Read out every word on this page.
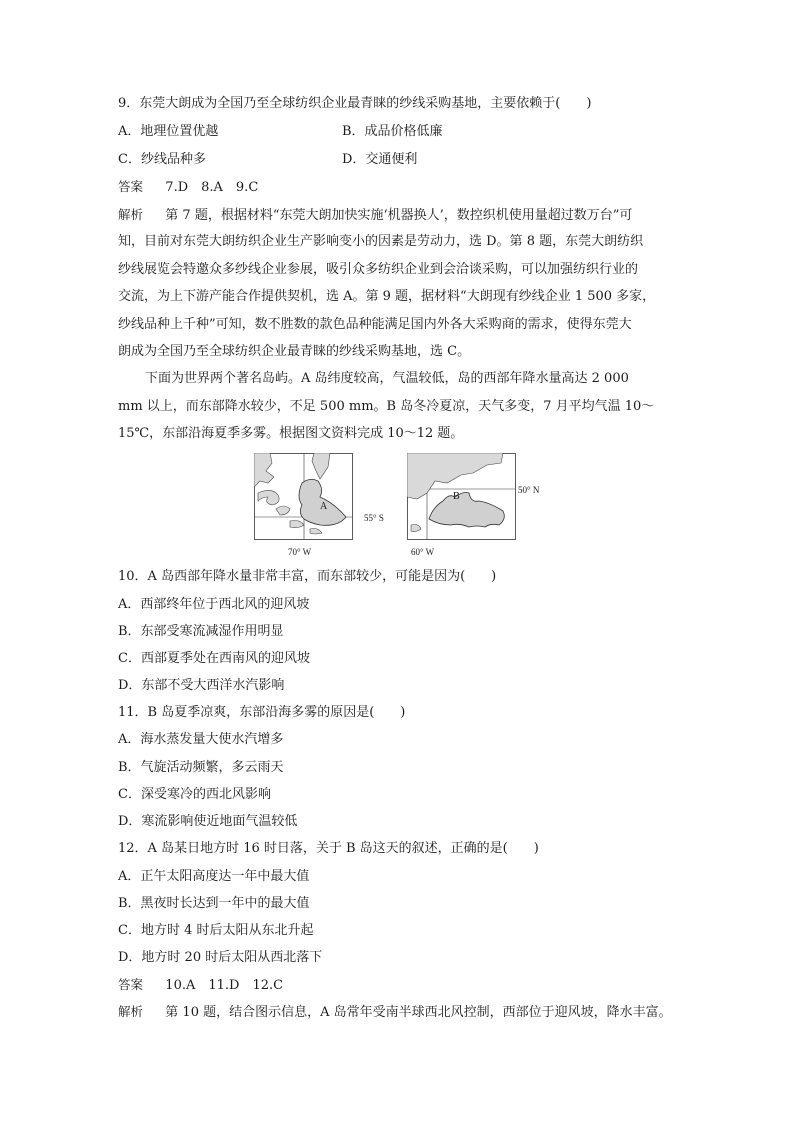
9．东莞大朗成为全国乃至全球纺织企业最青睐的纱线采购基地，主要依赖于(　　)
A．地理位置优越	B．成品价格低廉
C．纱线品种多	D．交通便利
答案 7.D　8.A　9.C
解析 第 7 题，根据材料“东莞大朗加快实施‘机器换人’，数控织机使用量超过数万台”可
知，目前对东莞大朗纺织企业生产影响变小的因素是劳动力，选 D。第 8 题，东莞大朗纺织
纱线展览会特邀众多纱线企业参展，吸引众多纺织企业到会洽谈采购，可以加强纺织行业的
交流，为上下游产能合作提供契机，选 A。第 9 题，据材料“大朗现有纱线企业 1 500 多家，
纱线品种上千种”可知，数不胜数的款色品种能满足国内外各大采购商的需求，使得东莞大
朗成为全国乃至全球纺织企业最青睐的纱线采购基地，选 C。
下面为世界两个著名岛屿。A 岛纬度较高，气温较低，岛的西部年降水量高达 2 000
mm 以上，而东部降水较少，不足 500 mm。B 岛冬冷夏凉，天气多变，7 月平均气温 10～
15℃，东部沿海夏季多雾。根据图文资料完成 10～12 题。
A
55° S
70° W
B
50° N
60° W
10．A 岛西部年降水量非常丰富，而东部较少，可能是因为(　　)
A．西部终年位于西北风的迎风坡
B．东部受寒流减湿作用明显
C．西部夏季处在西南风的迎风坡
D．东部不受大西洋水汽影响
11．B 岛夏季凉爽，东部沿海多雾的原因是(　　)
A．海水蒸发量大使水汽增多
B．气旋活动频繁，多云雨天
C．深受寒冷的西北风影响
D．寒流影响使近地面气温较低
12．A 岛某日地方时 16 时日落，关于 B 岛这天的叙述，正确的是(　　)
A．正午太阳高度达一年中最大值
B．黑夜时长达到一年中的最大值
C．地方时 4 时后太阳从东北升起
D．地方时 20 时后太阳从西北落下
答案 10.A　11.D　12.C
解析 第 10 题，结合图示信息，A 岛常年受南半球西北风控制，西部位于迎风坡，降水丰富。
